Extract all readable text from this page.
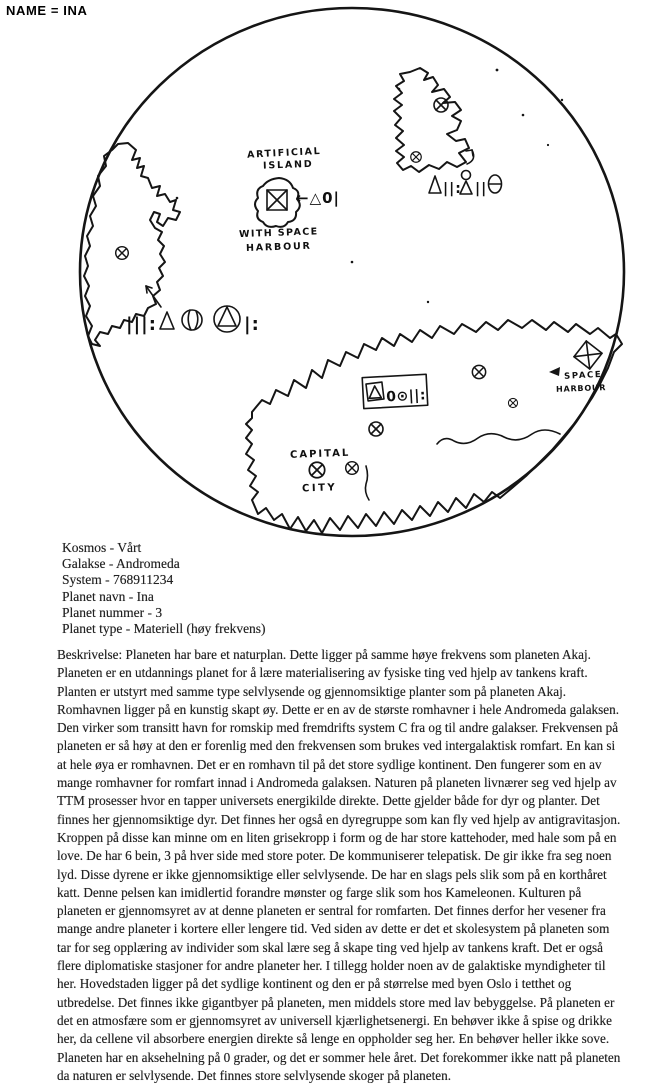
NAME = INA
ARTIFICIAL
ISLAND
←△0|
WITH SPACE
HARBOUR
|||:	|:
||: ||
0⊙||:
CAPITAL
CITY
SPACE
HARBOUR
Kosmos - Vårt
Galakse - Andromeda
System - 768911234
Planet navn - Ina
Planet nummer - 3
Planet type - Materiell (høy frekvens)
Beskrivelse: Planeten har bare et naturplan. Dette ligger på samme høye frekvens som planeten Akaj. Planeten er en utdannings planet for å lære materialisering av fysiske ting ved hjelp av tankens kraft. Planten er utstyrt med samme type selvlysende og gjennomsiktige planter som på planeten Akaj. Romhavnen ligger på en kunstig skapt øy. Dette er en av de største romhavner i hele Andromeda galaksen. Den virker som transitt havn for romskip med fremdrifts system C fra og til andre galakser. Frekvensen på planeten er så høy at den er forenlig med den frekvensen som brukes ved intergalaktisk romfart. En kan si at hele øya er romhavnen. Det er en romhavn til på det store sydlige kontinent. Den fungerer som en av mange romhavner for romfart innad i Andromeda galaksen. Naturen på planeten livnærer seg ved hjelp av TTM prosesser hvor en tapper universets energikilde direkte. Dette gjelder både for dyr og planter. Det finnes her gjennomsiktige dyr. Det finnes her også en dyregruppe som kan fly ved hjelp av antigravitasjon. Kroppen på disse kan minne om en liten grisekropp i form og de har store kattehoder, med hale som på en love. De har 6 bein, 3 på hver side med store poter. De kommuniserer telepatisk. De gir ikke fra seg noen lyd. Disse dyrene er ikke gjennomsiktige eller selvlysende. De har en slags pels slik som på en korthåret katt. Denne pelsen kan imidlertid forandre mønster og farge slik som hos Kameleonen. Kulturen på planeten er gjennomsyret av at denne planeten er sentral for romfarten. Det finnes derfor her vesener fra mange andre planeter i kortere eller lengere tid. Ved siden av dette er det et skolesystem på planeten som tar for seg opplæring av individer som skal lære seg å skape ting ved hjelp av tankens kraft. Det er også flere diplomatiske stasjoner for andre planeter her. I tillegg holder noen av de galaktiske myndigheter til her. Hovedstaden ligger på det sydlige kontinent og den er på størrelse med byen Oslo i tetthet og utbredelse. Det finnes ikke gigantbyer på planeten, men middels store med lav bebyggelse. På planeten er det en atmosfære som er gjennomsyret av universell kjærlighetsenergi. En behøver ikke å spise og drikke her, da cellene vil absorbere energien direkte så lenge en oppholder seg her. En behøver heller ikke sove. Planeten har en aksehelning på 0 grader, og det er sommer hele året. Det forekommer ikke natt på planeten da naturen er selvlysende. Det finnes store selvlysende skoger på planeten.
